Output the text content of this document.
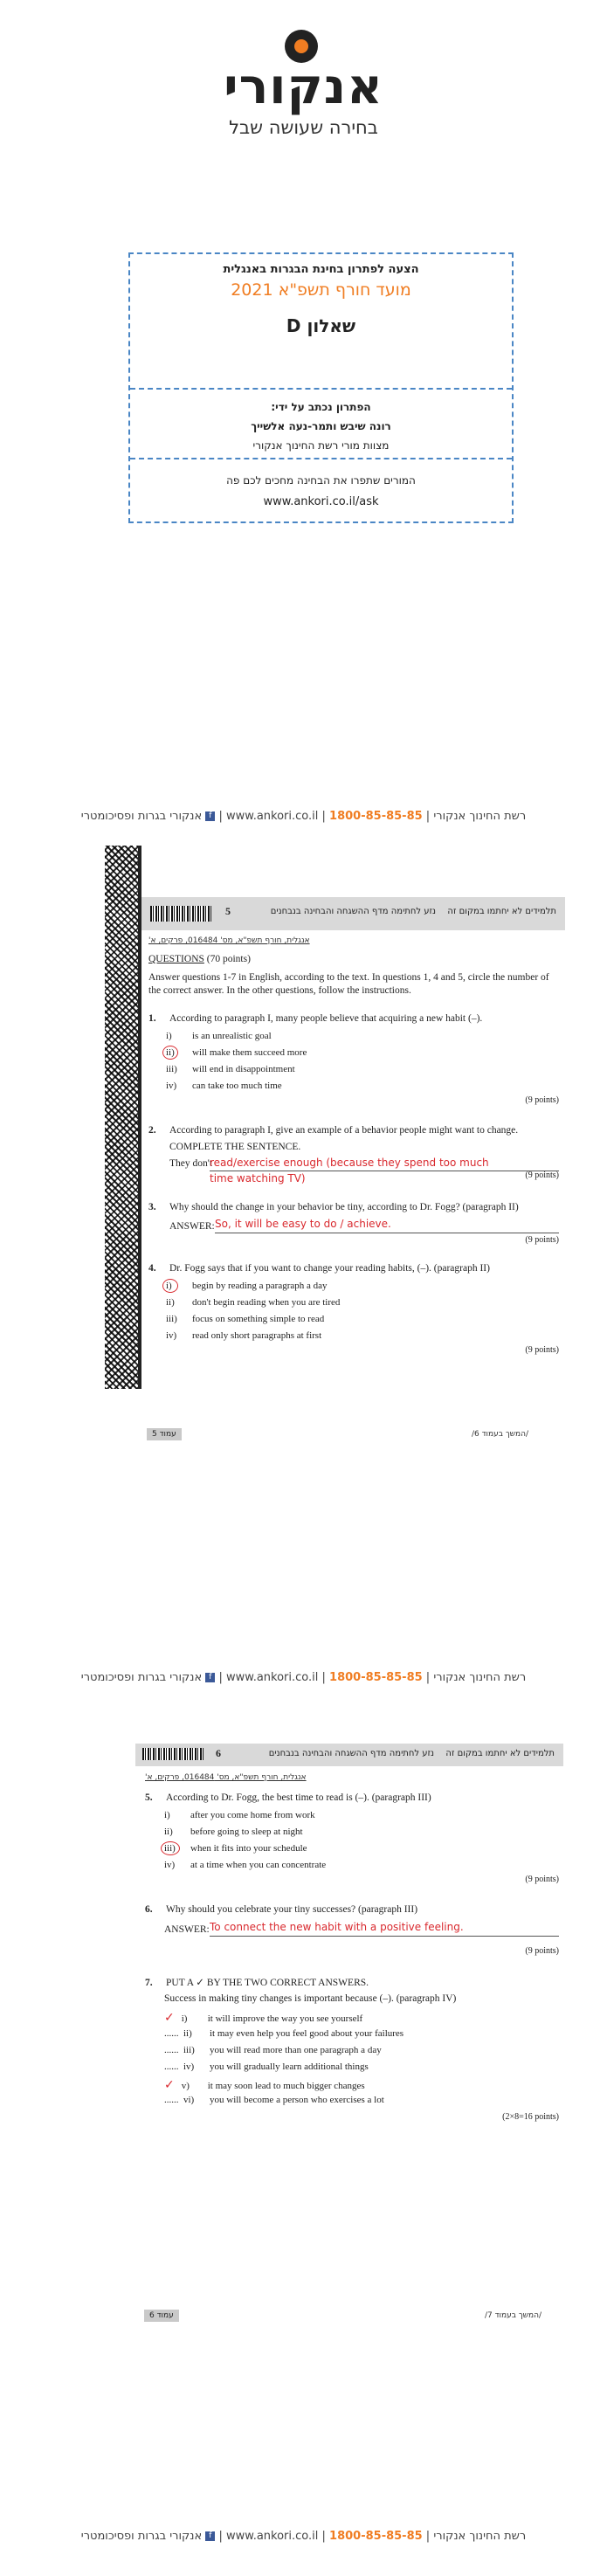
אנקורי
בחירה שעושה שבל
הצעה לפתרון בחינת הבגרות באנגלית
מועד חורף תשפ"א 2021
שאלון D
הפתרון נכתב על ידי:
רונה שיבש ותמר-נעה אלשייך
מצוות מורי רשת החינוך אנקורי
המורים שתפרו את הבחינה מחכים לכם פה
www.ankori.co.il/ask
רשת החינוך אנקורי | 1800-85-85-85 | www.ankori.co.il | f אנקורי בגרות ופסיכומטרי
5	תלמידים לא יחתמו במקום זה
נזע לחתימה מדף ההשגחה והבחינה בנבחנים
אנגלית, חורף תשפ"א, מס' 016484, פרקים, א'
QUESTIONS (70 points)
Answer questions 1-7 in English, according to the text. In questions 1, 4 and 5, circle the number of the correct answer. In the other questions, follow the instructions.
1. According to paragraph I, many people believe that acquiring a new habit (–).
i) is an unrealistic goal
ii) will make them succeed more
iii) will end in disappointment
iv) can take too much time
(9 points)
2. According to paragraph I, give an example of a behavior people might want to change.
COMPLETE THE SENTENCE.
They don't
read/exercise enough (because they spend too much time watching TV)	(9 points)
3. Why should the change in your behavior be tiny, according to Dr. Fogg? (paragraph II)
ANSWER: So, it will be easy to do / achieve.
(9 points)
4. Dr. Fogg says that if you want to change your reading habits, (–). (paragraph II)
i) begin by reading a paragraph a day
ii) don't begin reading when you are tired
iii) focus on something simple to read
iv) read only short paragraphs at first
(9 points)
עמוד 5	/המשך בעמוד 6/
רשת החינוך אנקורי | 1800-85-85-85 | www.ankori.co.il | f אנקורי בגרות ופסיכומטרי
6	תלמידים לא יחתמו במקום זה
נזע לחתימה מדף ההשגחה והבחינה בנבחנים
אנגלית, חורף תשפ"א, מס' 016484, פרקים, א'
5. According to Dr. Fogg, the best time to read is (–). (paragraph III)
i) after you come home from work
ii) before going to sleep at night
iii) when it fits into your schedule
iv) at a time when you can concentrate
(9 points)
6. Why should you celebrate your tiny successes? (paragraph III)
ANSWER: To connect the new habit with a positive feeling.
(9 points)
7. PUT A ✓ BY THE TWO CORRECT ANSWERS.
Success in making tiny changes is important because (–). (paragraph IV)
✓ i) it will improve the way you see yourself
...... ii) it may even help you feel good about your failures
...... iii) you will read more than one paragraph a day
...... iv) you will gradually learn additional things
✓ v) it may soon lead to much bigger changes
...... vi) you will become a person who exercises a lot
(2×8=16 points)
עמוד 6	/המשך בעמוד 7/
רשת החינוך אנקורי | 1800-85-85-85 | www.ankori.co.il | f אנקורי בגרות ופסיכומטרי
